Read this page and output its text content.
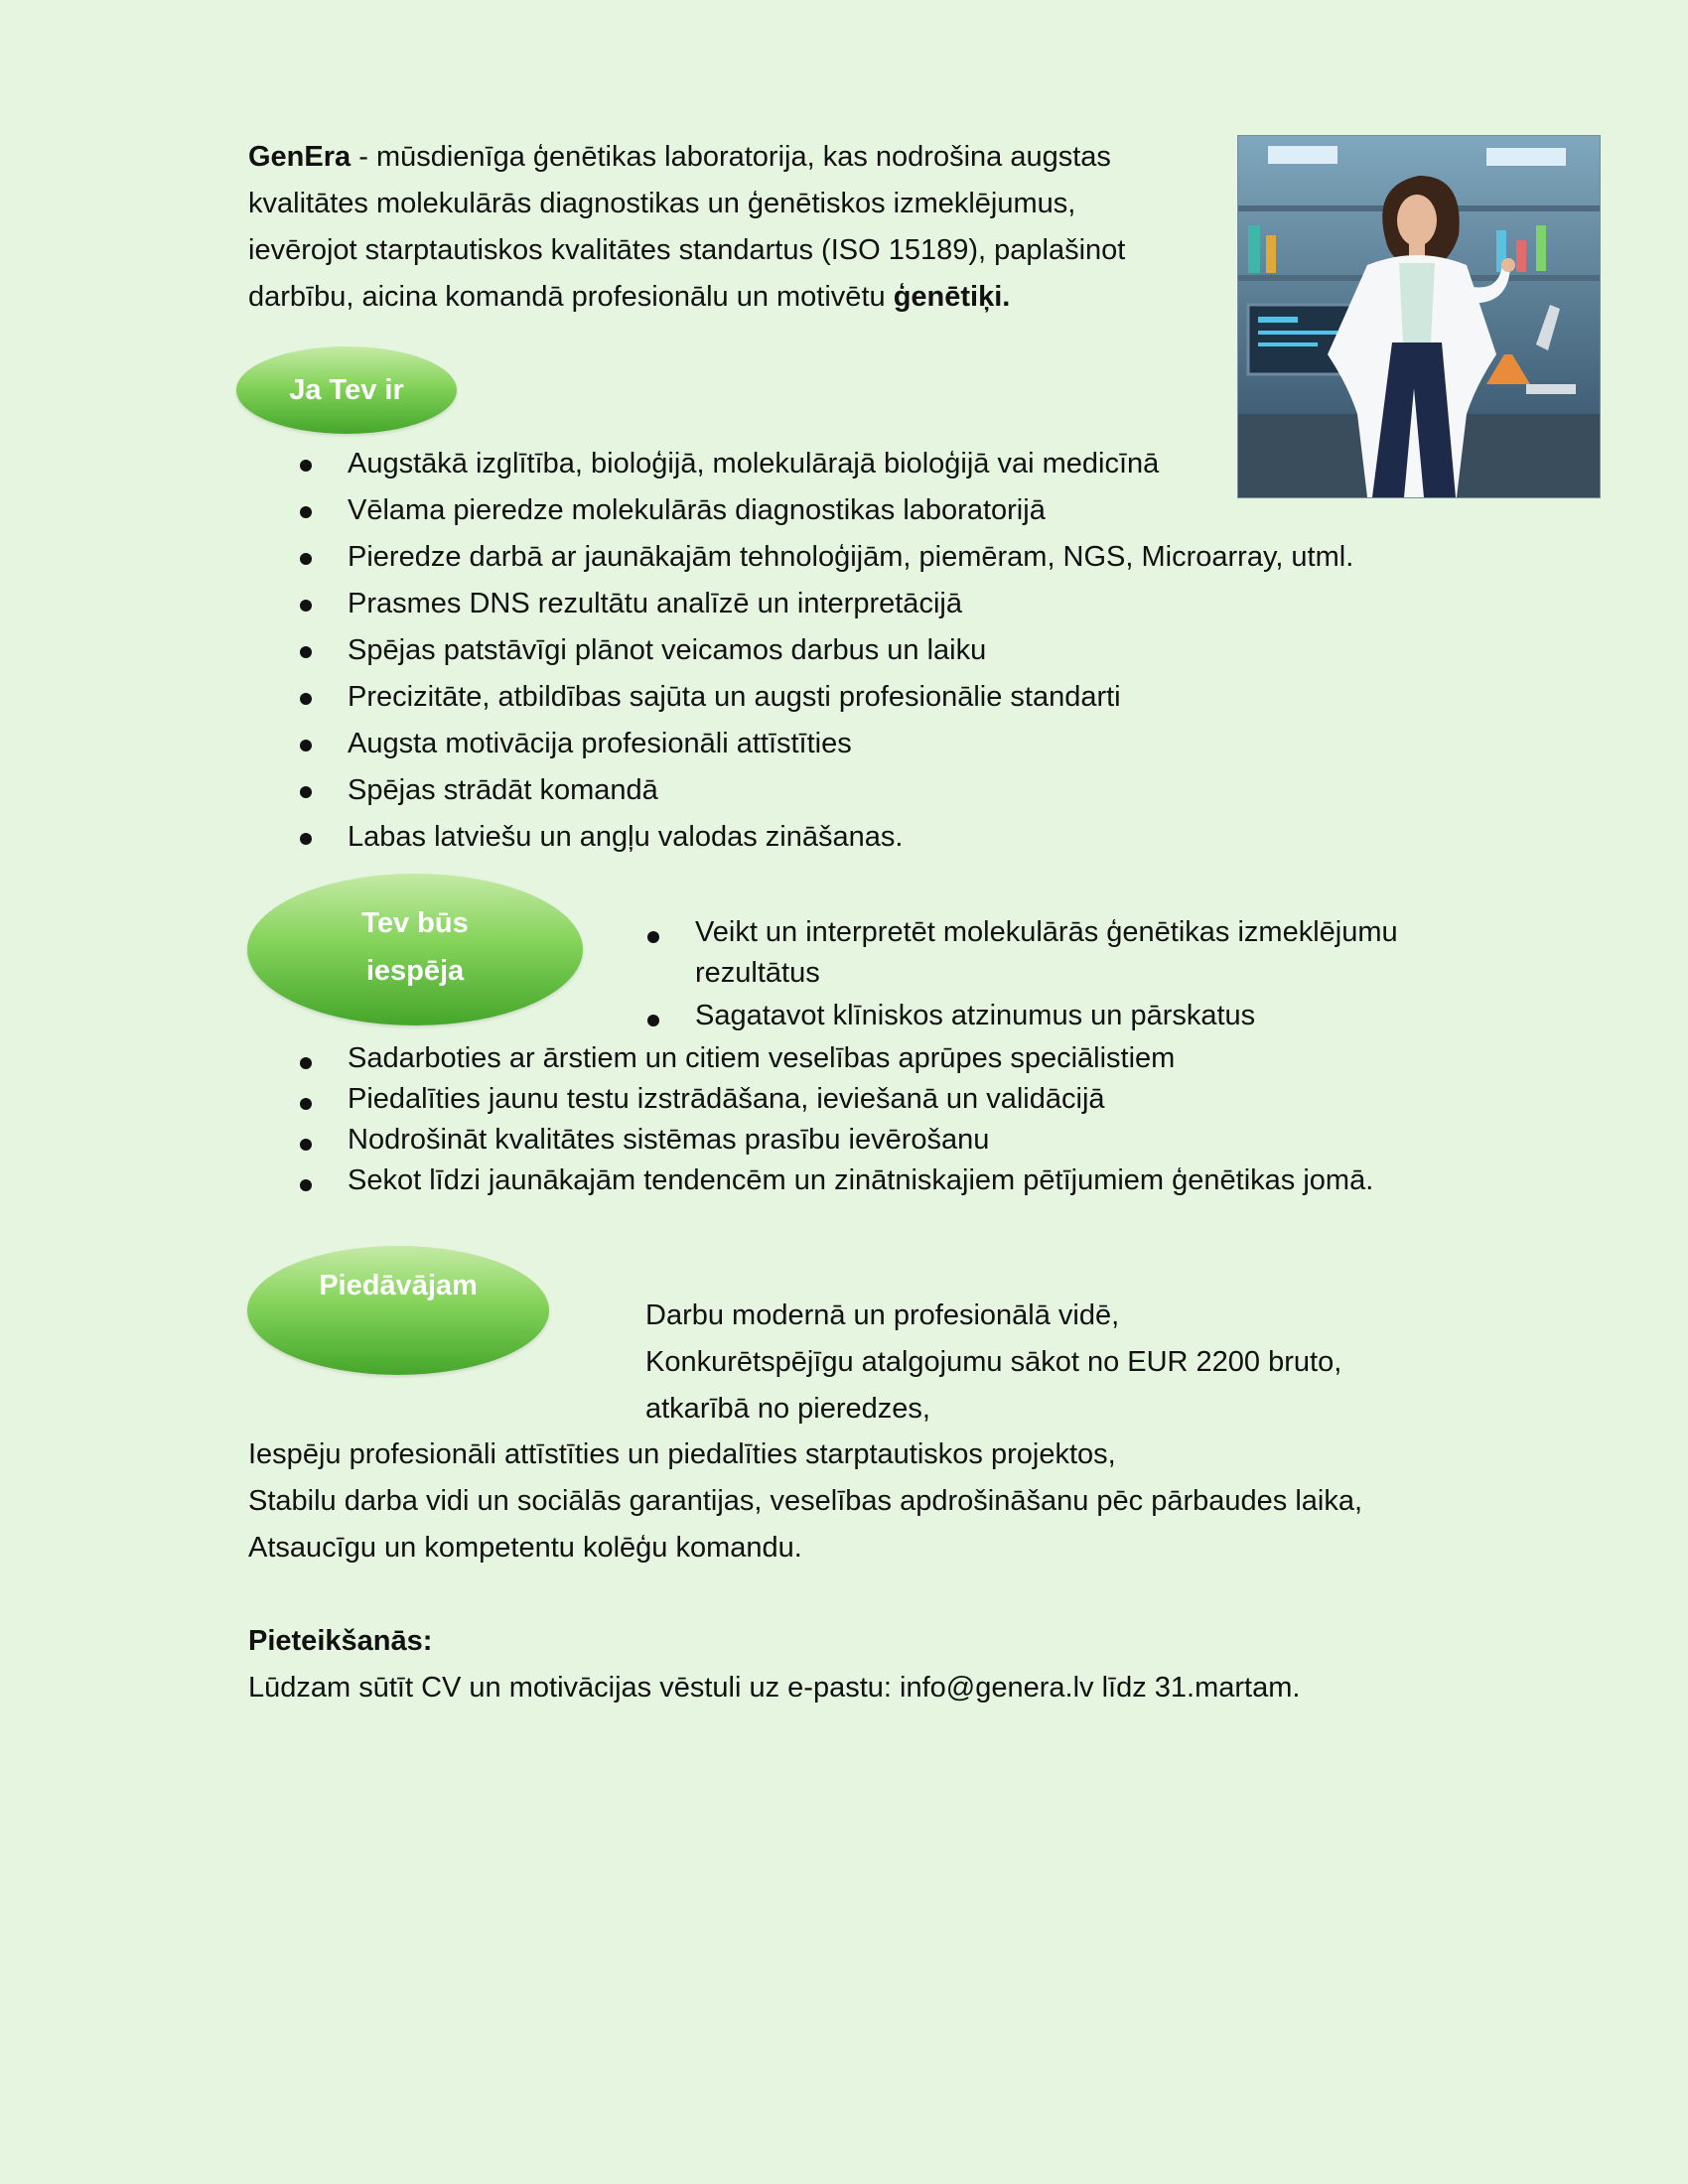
GenEra - mūsdienīga ģenētikas laboratorija, kas nodrošina augstas
kvalitātes molekulārās diagnostikas un ģenētiskos izmeklējumus,
ievērojot starptautiskos kvalitātes standartus (ISO 15189), paplašinot
darbību, aicina komandā profesionālu un motivētu ģenētiķi.
Ja Tev ir
Augstākā izglītība, bioloģijā, molekulārajā bioloģijā vai medicīnā
Vēlama pieredze molekulārās diagnostikas laboratorijā
Pieredze darbā ar jaunākajām tehnoloģijām, piemēram, NGS, Microarray, utml.
Prasmes DNS rezultātu analīzē un interpretācijā
Spējas patstāvīgi plānot veicamos darbus un laiku
Precizitāte, atbildības sajūta un augsti profesionālie standarti
Augsta motivācija profesionāli attīstīties
Spējas strādāt komandā
Labas latviešu un angļu valodas zināšanas.
Tev būs
iespēja
Veikt un interpretēt molekulārās ģenētikas izmeklējumu rezultātus
Sagatavot klīniskos atzinumus un pārskatus
Sadarboties ar ārstiem un citiem veselības aprūpes speciālistiem
Piedalīties jaunu testu izstrādāšana, ieviešanā un validācijā
Nodrošināt kvalitātes sistēmas prasību ievērošanu
Sekot līdzi jaunākajām tendencēm un zinātniskajiem pētījumiem ģenētikas jomā.
Piedāvājam
Darbu modernā un profesionālā vidē,
Konkurētspējīgu atalgojumu sākot no EUR 2200 bruto,
atkarībā no pieredzes,
Iespēju profesionāli attīstīties un piedalīties starptautiskos projektos,
Stabilu darba vidi un sociālās garantijas, veselības apdrošināšanu pēc pārbaudes laika,
Atsaucīgu un kompetentu kolēģu komandu.
Pieteikšanās:
Lūdzam sūtīt CV un motivācijas vēstuli uz e-pastu: info@genera.lv līdz 31.martam.
